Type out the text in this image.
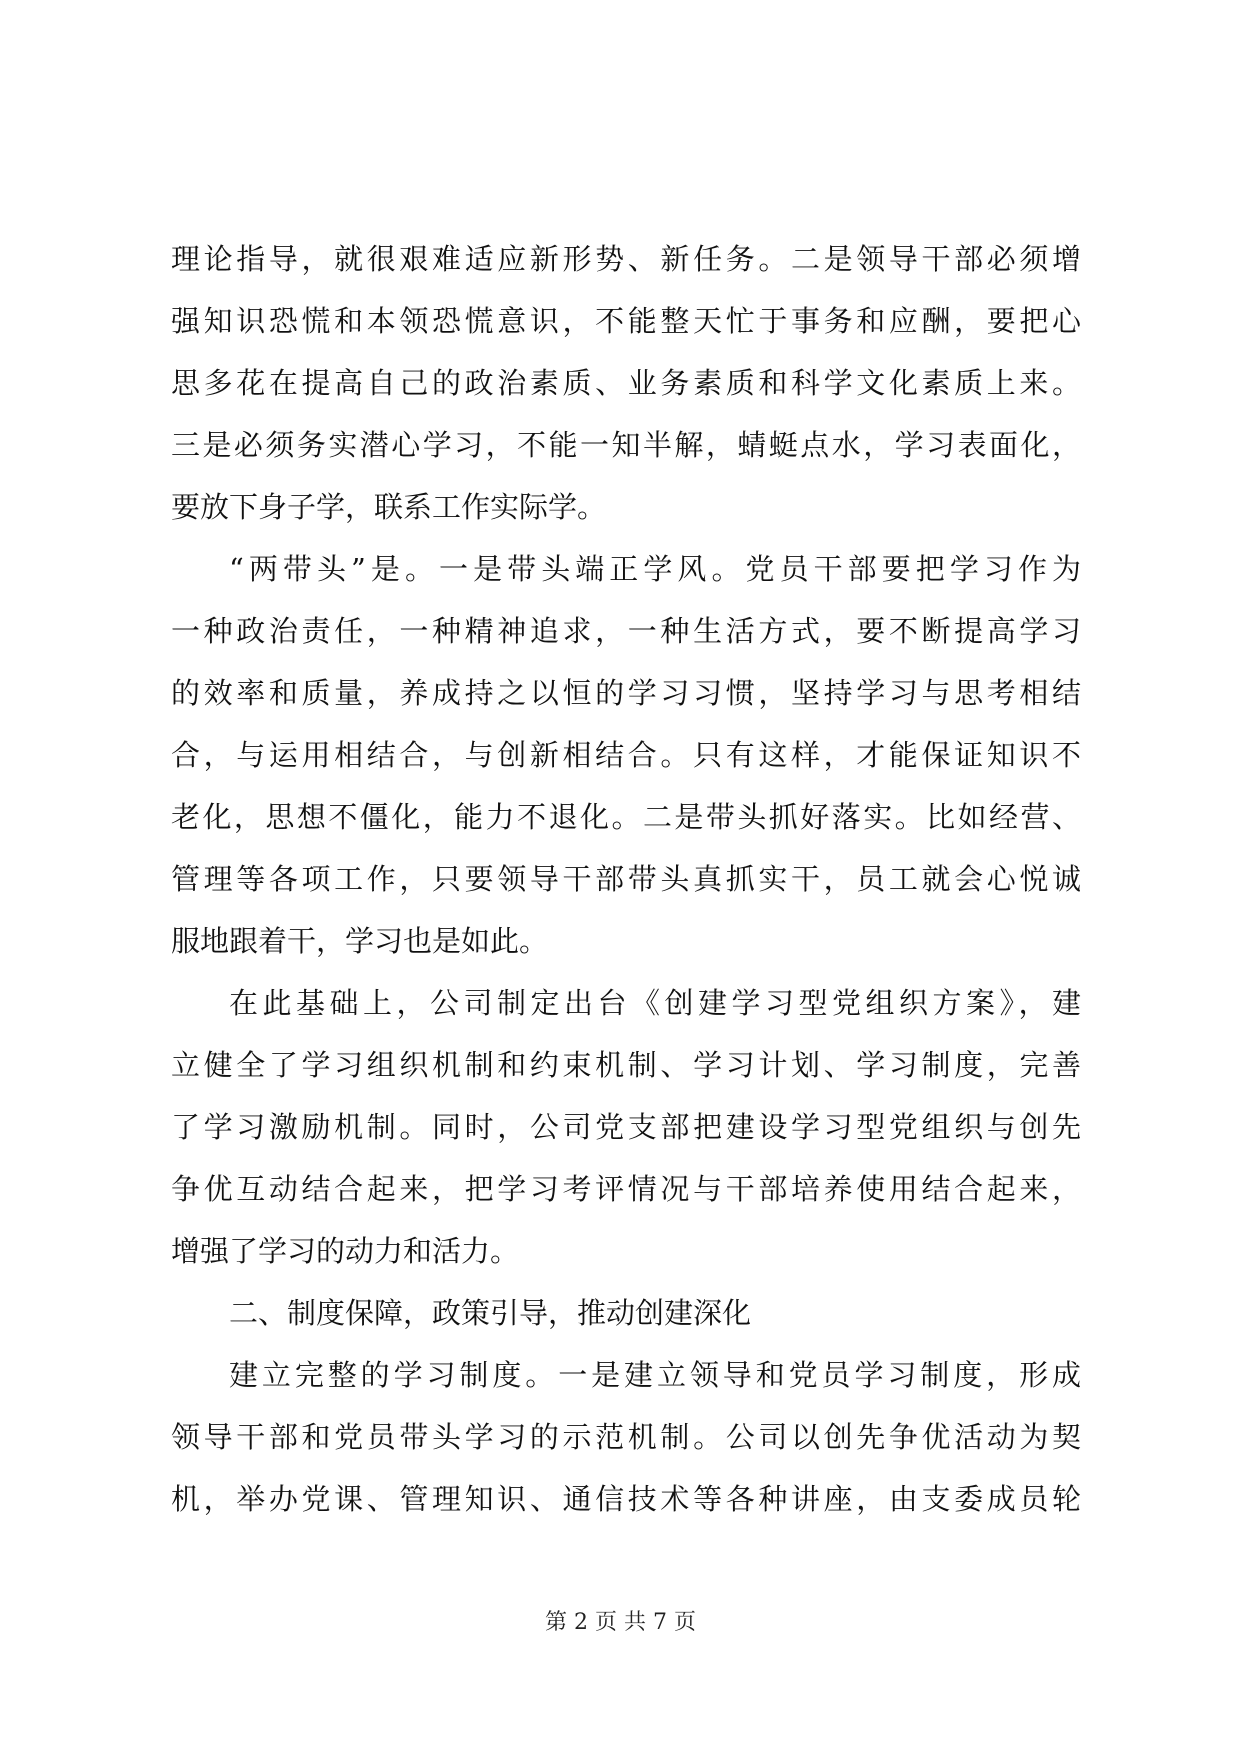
理论指导，就很艰难适应新形势、新任务。二是领导干部必须增
强知识恐慌和本领恐慌意识，不能整天忙于事务和应酬，要把心
思多花在提高自己的政治素质、业务素质和科学文化素质上来。
三是必须务实潜心学习，不能一知半解，蜻蜓点水，学习表面化，
要放下身子学，联系工作实际学。
“两带头”是。一是带头端正学风。党员干部要把学习作为
一种政治责任，一种精神追求，一种生活方式，要不断提高学习
的效率和质量，养成持之以恒的学习习惯，坚持学习与思考相结
合，与运用相结合，与创新相结合。只有这样，才能保证知识不
老化，思想不僵化，能力不退化。二是带头抓好落实。比如经营、
管理等各项工作，只要领导干部带头真抓实干，员工就会心悦诚
服地跟着干，学习也是如此。
在此基础上，公司制定出台《创建学习型党组织方案》，建
立健全了学习组织机制和约束机制、学习计划、学习制度，完善
了学习激励机制。同时，公司党支部把建设学习型党组织与创先
争优互动结合起来，把学习考评情况与干部培养使用结合起来，
增强了学习的动力和活力。
二、制度保障，政策引导，推动创建深化
建立完整的学习制度。一是建立领导和党员学习制度，形成
领导干部和党员带头学习的示范机制。公司以创先争优活动为契
机，举办党课、管理知识、通信技术等各种讲座，由支委成员轮
第 2 页 共 7 页
